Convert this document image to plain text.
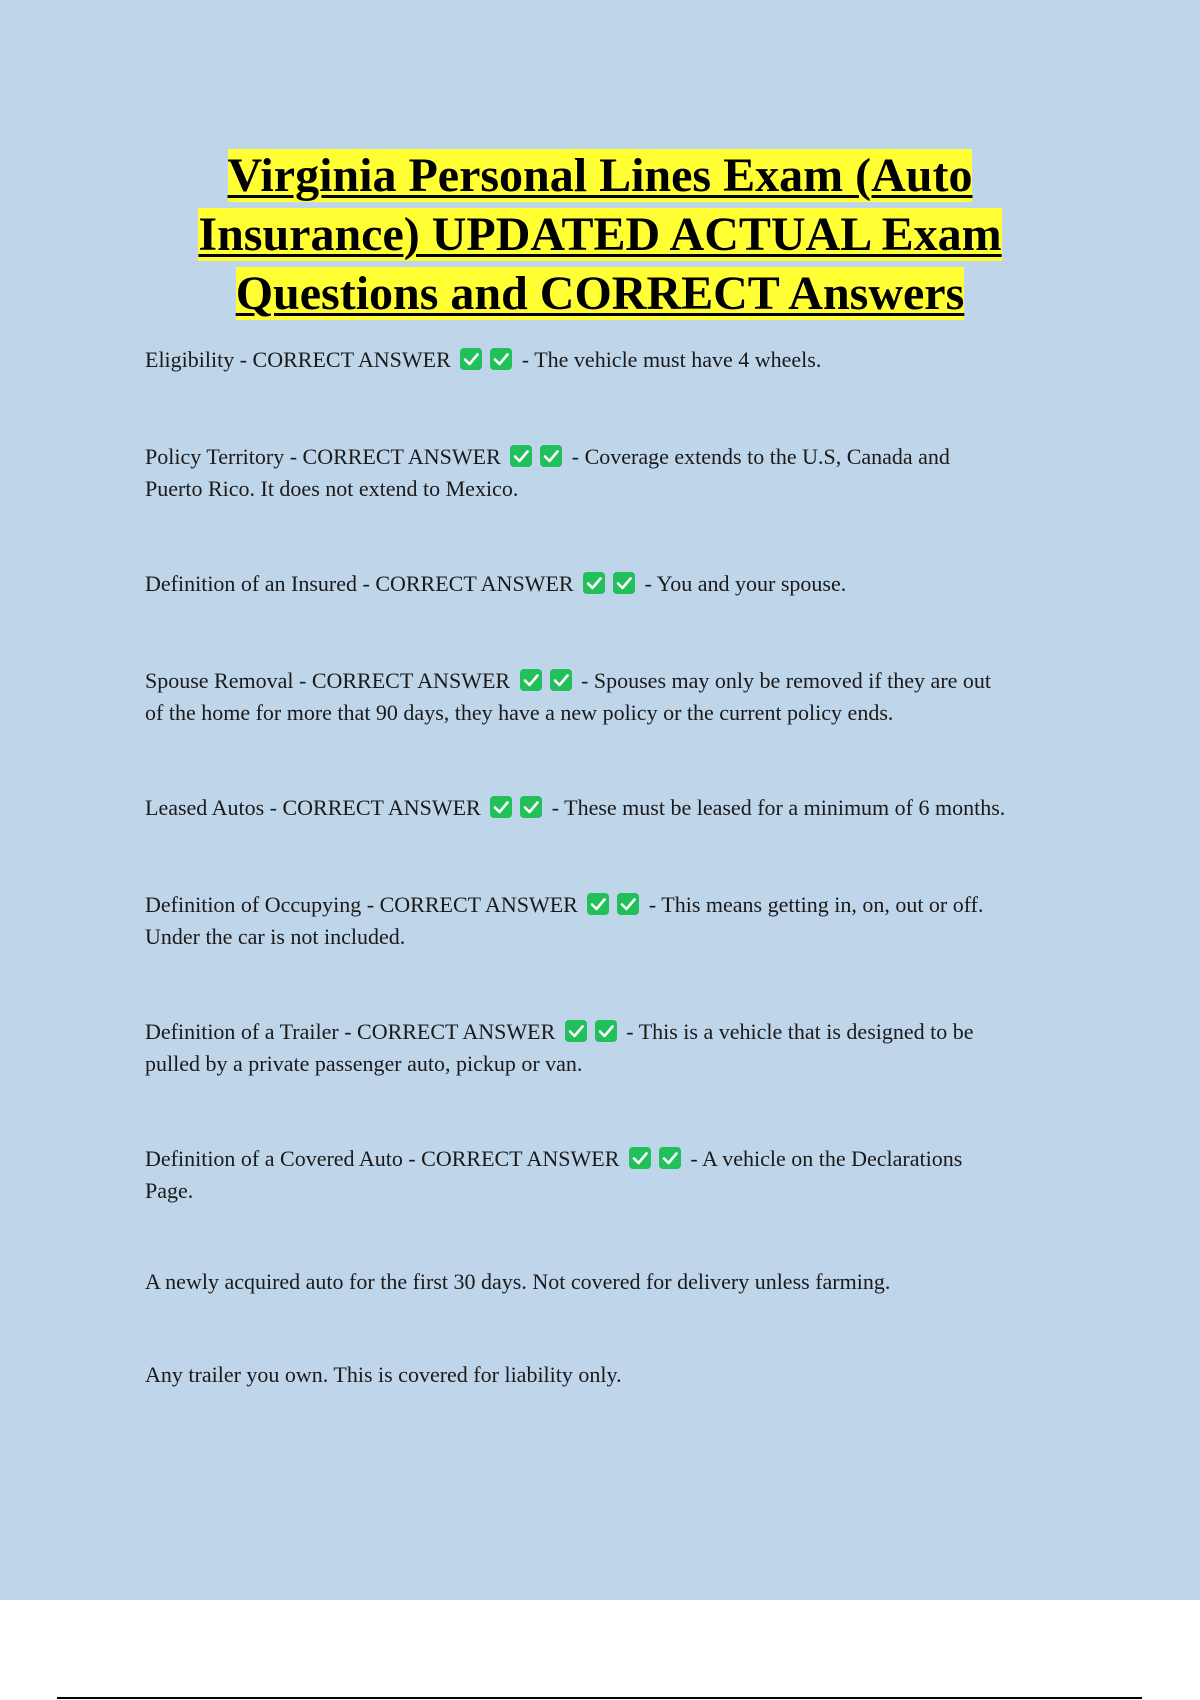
Virginia Personal Lines Exam (Auto
Insurance) UPDATED ACTUAL Exam
Questions and CORRECT Answers

Eligibility - CORRECT ANSWER	- The vehicle must have 4 wheels.

Policy Territory - CORRECT ANSWER	- Coverage extends to the U.S, Canada and
Puerto Rico. It does not extend to Mexico.

Definition of an Insured - CORRECT ANSWER	- You and your spouse.

Spouse Removal - CORRECT ANSWER	- Spouses may only be removed if they are out
of the home for more that 90 days, they have a new policy or the current policy ends.

Leased Autos - CORRECT ANSWER	- These must be leased for a minimum of 6 months.

Definition of Occupying - CORRECT ANSWER	- This means getting in, on, out or off.
Under the car is not included.

Definition of a Trailer - CORRECT ANSWER	- This is a vehicle that is designed to be
pulled by a private passenger auto, pickup or van.

Definition of a Covered Auto - CORRECT ANSWER	- A vehicle on the Declarations
Page.

A newly acquired auto for the first 30 days. Not covered for delivery unless farming.

Any trailer you own. This is covered for liability only.
